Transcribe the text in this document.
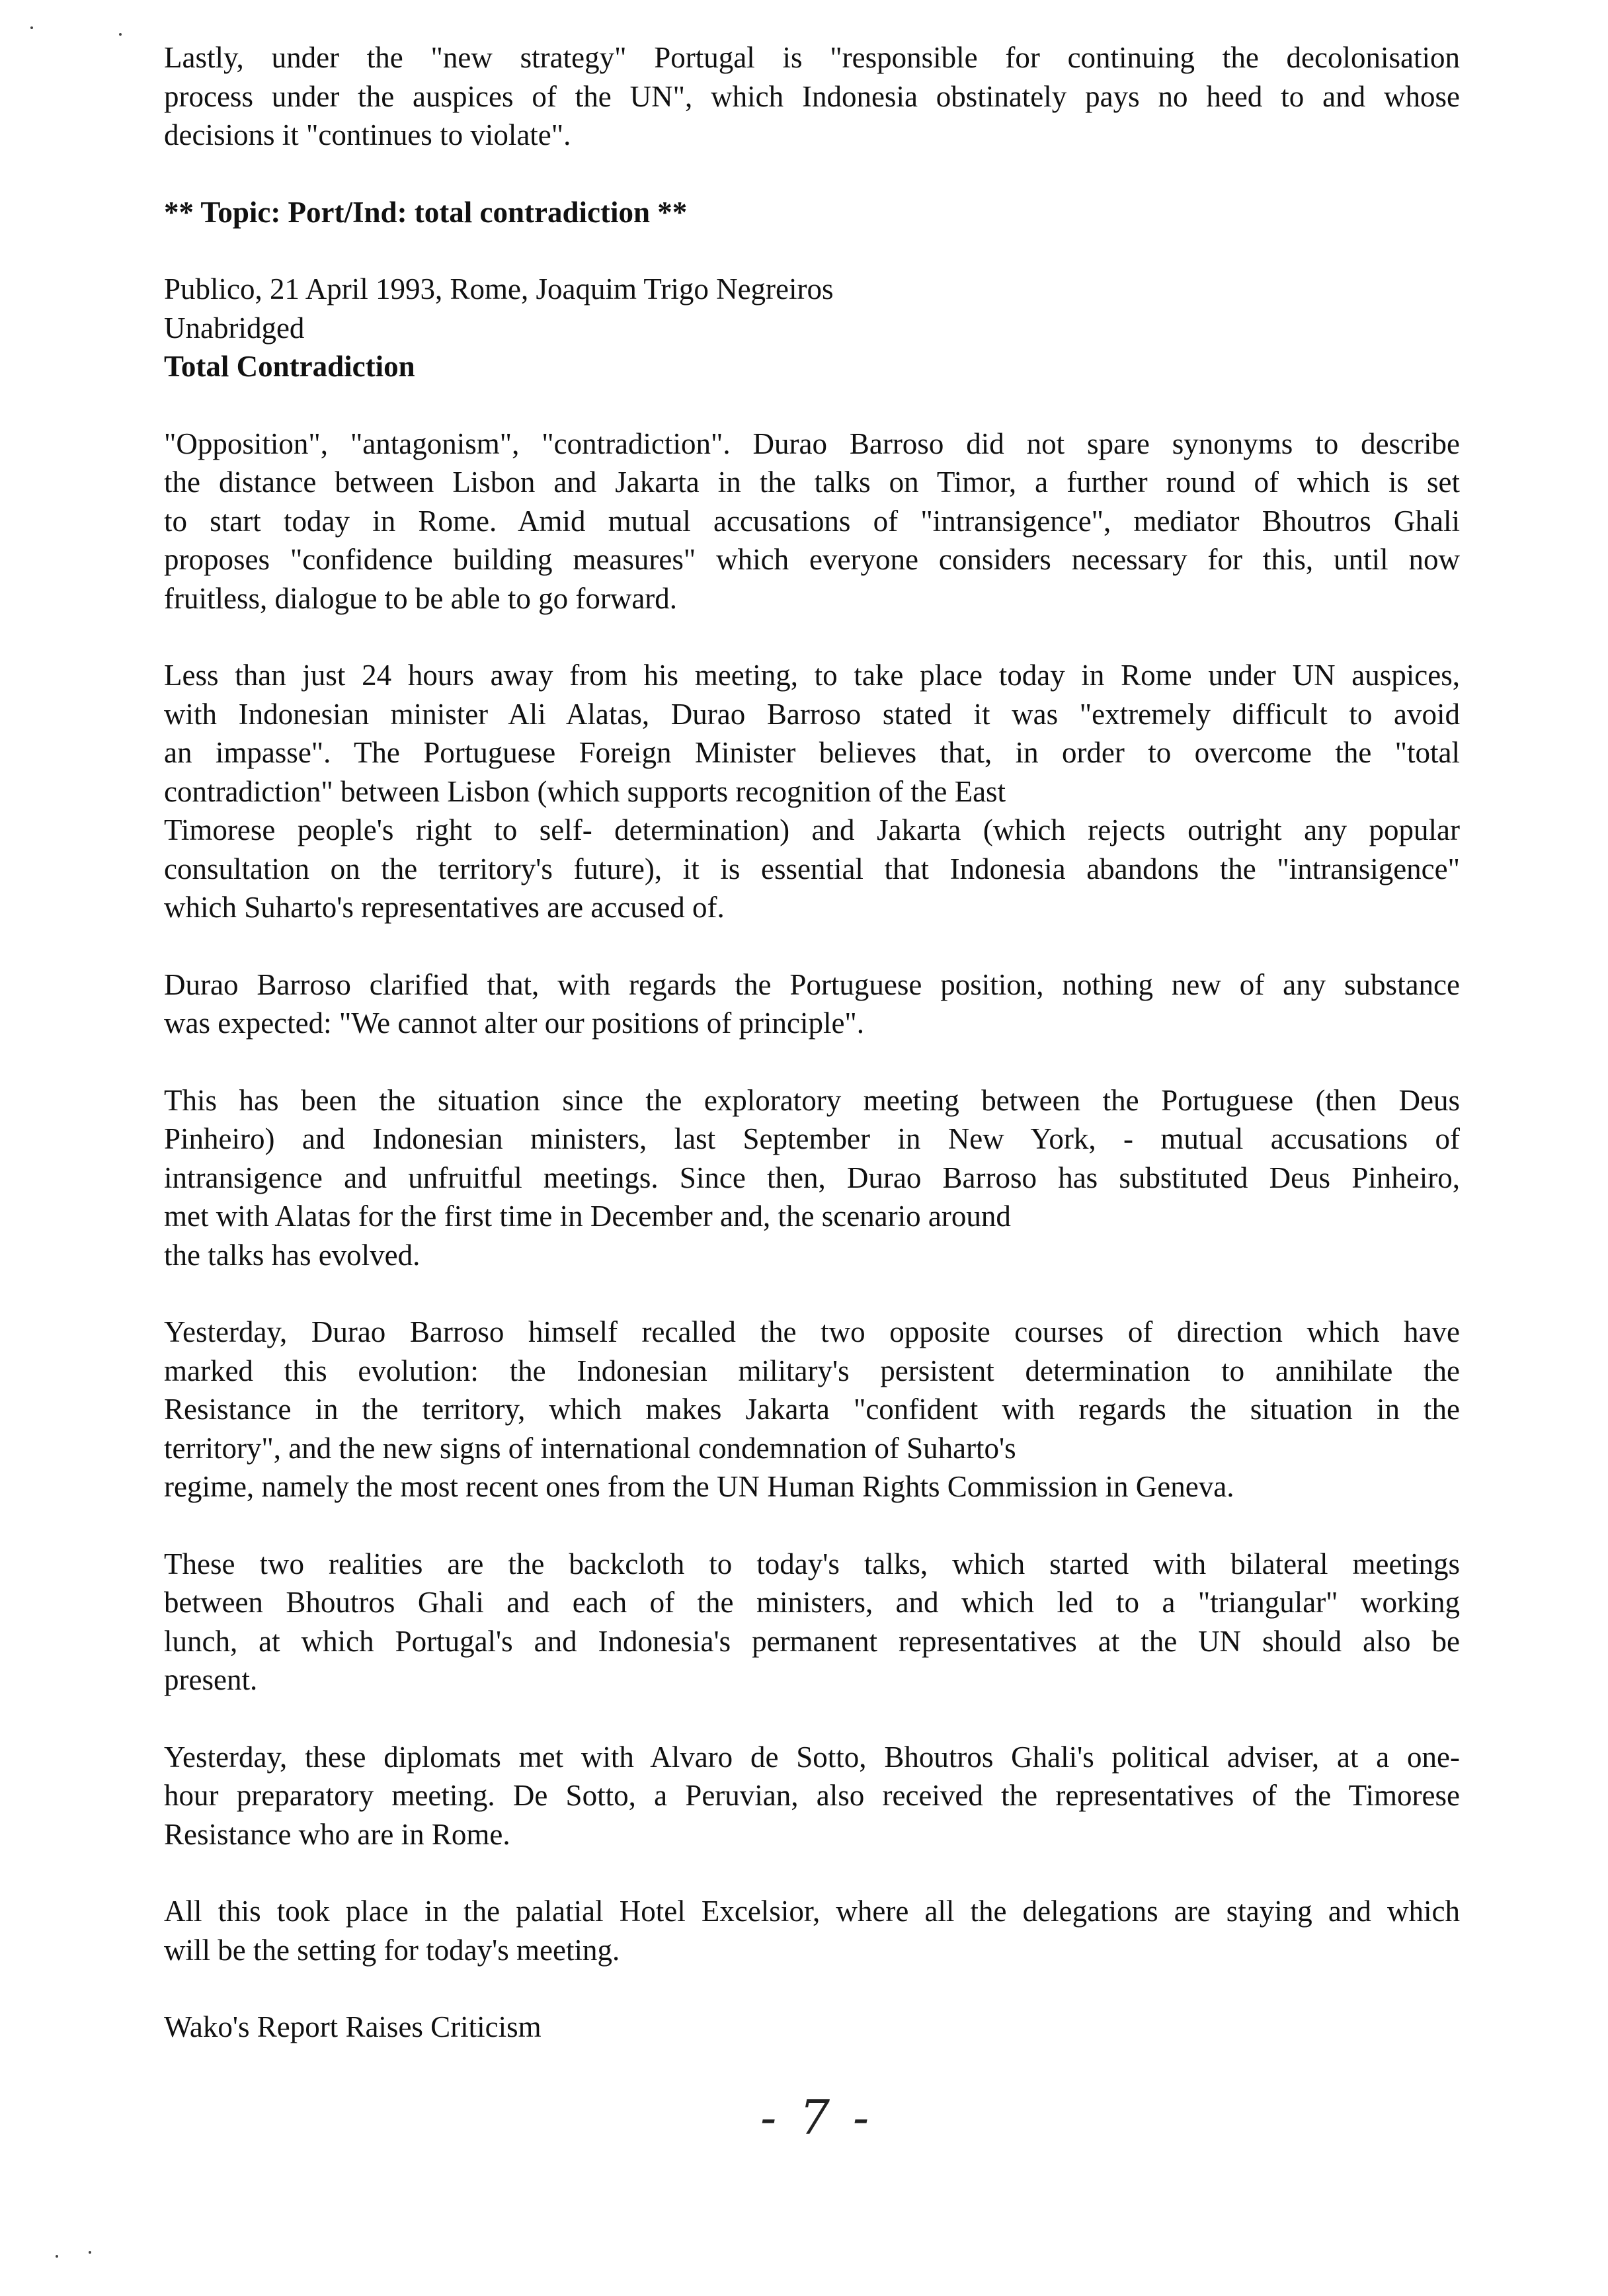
Lastly, under the "new strategy" Portugal is "responsible for continuing the decolonisation
process under the auspices of the UN", which Indonesia obstinately pays no heed to and whose
decisions it "continues to violate".
** Topic: Port/Ind: total contradiction **
Publico, 21 April 1993, Rome, Joaquim Trigo Negreiros
Unabridged
Total Contradiction
"Opposition", "antagonism", "contradiction". Durao Barroso did not spare synonyms to describe
the distance between Lisbon and Jakarta in the talks on Timor, a further round of which is set
to start today in Rome. Amid mutual accusations of "intransigence", mediator Bhoutros Ghali
proposes "confidence building measures" which everyone considers necessary for this, until now
fruitless, dialogue to be able to go forward.
Less than just 24 hours away from his meeting, to take place today in Rome under UN auspices,
with Indonesian minister Ali Alatas, Durao Barroso stated it was "extremely difficult to avoid
an impasse". The Portuguese Foreign Minister believes that, in order to overcome the "total
contradiction" between Lisbon (which supports recognition of the East
Timorese people's right to self- determination) and Jakarta (which rejects outright any popular
consultation on the territory's future), it is essential that Indonesia abandons the "intransigence"
which Suharto's representatives are accused of.
Durao Barroso clarified that, with regards the Portuguese position, nothing new of any substance
was expected: "We cannot alter our positions of principle".
This has been the situation since the exploratory meeting between the Portuguese (then Deus
Pinheiro) and Indonesian ministers, last September in New York, - mutual accusations of
intransigence and unfruitful meetings. Since then, Durao Barroso has substituted Deus Pinheiro,
met with Alatas for the first time in December and, the scenario around
the talks has evolved.
Yesterday, Durao Barroso himself recalled the two opposite courses of direction which have
marked this evolution: the Indonesian military's persistent determination to annihilate the
Resistance in the territory, which makes Jakarta "confident with regards the situation in the
territory", and the new signs of international condemnation of Suharto's
regime, namely the most recent ones from the UN Human Rights Commission in Geneva.
These two realities are the backcloth to today's talks, which started with bilateral meetings
between Bhoutros Ghali and each of the ministers, and which led to a "triangular" working
lunch, at which Portugal's and Indonesia's permanent representatives at the UN should also be
present.
Yesterday, these diplomats met with Alvaro de Sotto, Bhoutros Ghali's political adviser, at a one-
hour preparatory meeting. De Sotto, a Peruvian, also received the representatives of the Timorese
Resistance who are in Rome.
All this took place in the palatial Hotel Excelsior, where all the delegations are staying and which
will be the setting for today's meeting.
Wako's Report Raises Criticism
- 7 -
